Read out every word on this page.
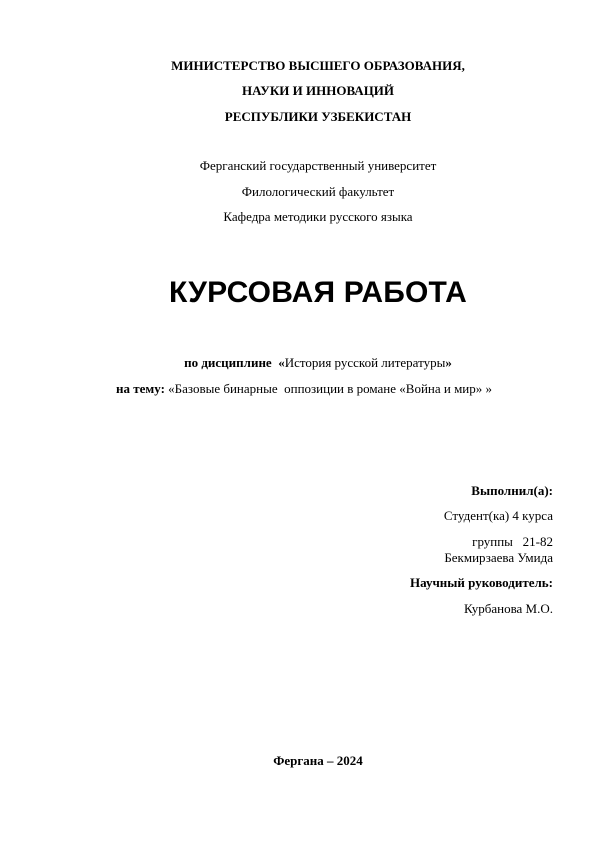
МИНИСТЕРСТВО ВЫСШЕГО ОБРАЗОВАНИЯ,
НАУКИ И ИННОВАЦИЙ
РЕСПУБЛИКИ УЗБЕКИСТАН
Ферганский государственный университет
Филологический факультет
Кафедра методики русского языка
КУРСОВАЯ РАБОТА
по дисциплине «История русской литературы»
на тему: «Базовые бинарные  оппозиции в романе «Война и мир» »
Выполнил(а):
Студент(ка) 4 курса
группы   21-82
Бекмирзаева Умида
Научный руководитель:
Курбанова М.О.
Фергана – 2024
